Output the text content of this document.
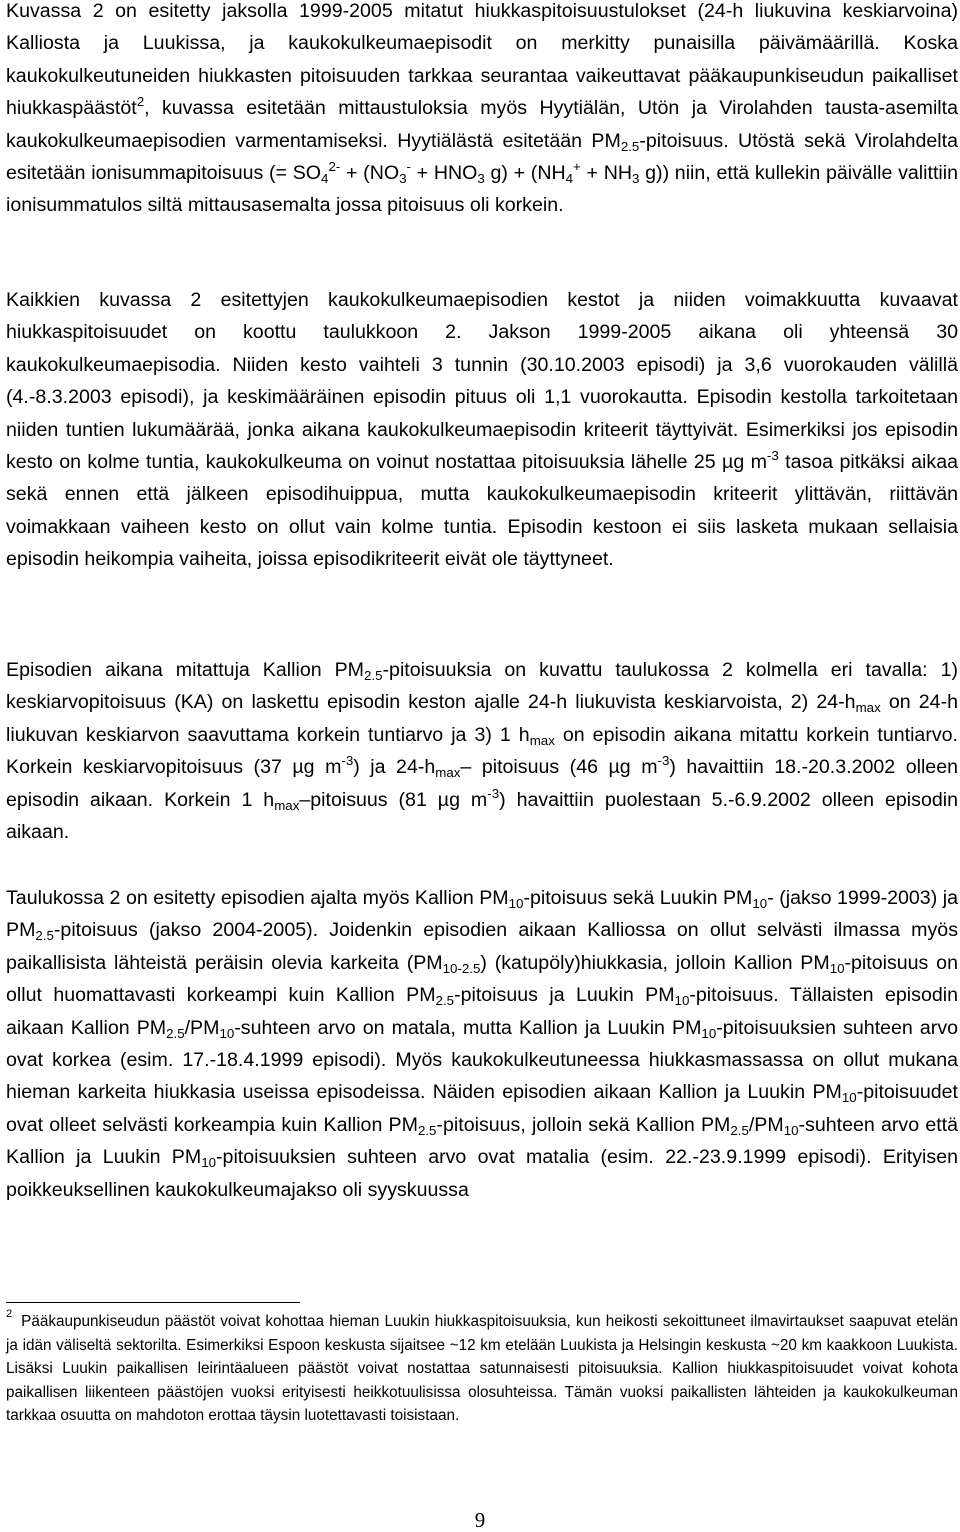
Kuvassa 2 on esitetty jaksolla 1999-2005 mitatut hiukkaspitoisuustulokset (24-h liukuvina keskiarvoina) Kalliosta ja Luukissa, ja kaukokulkeumaepisodit on merkitty punaisilla päivämäärillä. Koska kaukokulkeutuneiden hiukkasten pitoisuuden tarkkaa seurantaa vaikeuttavat pääkaupunkiseudun paikalliset hiukkaspäästöt$^2$, kuvassa esitetään mittaustuloksia myös Hyytiälän, Utön ja Virolahden tausta-asemilta kaukokulkeumaepisodien varmentamiseksi. Hyytiälästä esitetään $PM_{2.5}$-pitoisuus. Utöstä sekä Virolahdelta esitetään ionisummapitoisuus (= $SO_4^{2-} + (NO_3^- + HNO_3$ $g) + (NH_4^+ + NH_3$ g)) niin, että kullekin päivälle valittiin ionisummatulos siltä mittausasemalta jossa pitoisuus oli korkein.

Kaikkien kuvassa 2 esitettyjen kaukokulkeumaepisodien kestot ja niiden voimakkuutta kuvaavat hiukkaspitoisuudet on koottu taulukkoon 2. Jakson 1999-2005 aikana oli yhteensä 30 kaukokulkeumaepisodia. Niiden kesto vaihteli 3 tunnin (30.10.2003 episodi) ja 3,6 vuorokauden välillä (4.-8.3.2003 episodi), ja keskimääräinen episodin pituus oli 1,1 vuorokautta. Episodin kestolla tarkoitetaan niiden tuntien lukumäärää, jonka aikana kaukokulkeumaepisodin kriteerit täyttyivät. Esimerkiksi jos episodin kesto on kolme tuntia, kaukokulkeuma on voinut nostattaa pitoisuuksia lähelle 25 µg $m^{-3}$ tasoa pitkäksi aikaa sekä ennen että jälkeen episodihuippua, mutta kaukokulkeumaepisodin kriteerit ylittävän, riittävän voimakkaan vaiheen kesto on ollut vain kolme tuntia. Episodin kestoon ei siis lasketa mukaan sellaisia episodin heikompia vaiheita, joissa episodikriteerit eivät ole täyttyneet.

Episodien aikana mitattuja Kallion $PM_{2.5}$-pitoisuuksia on kuvattu taulukossa 2 kolmella eri tavalla: 1) keskiarvopitoisuus (KA) on laskettu episodin keston ajalle 24-h liukuvista keskiarvoista, 2) $24-h_{max}$ on 24-h liukuvan keskiarvon saavuttama korkein tuntiarvo ja 3) 1 $h_{max}$ on episodin aikana mitattu korkein tuntiarvo. Korkein keskiarvopitoisuus (37 µg $m^{-3}$) ja $24-h_{max}-$ pitoisuus (46 µg $m^{-3}$) havaittiin 18.-20.3.2002 olleen episodin aikaan. Korkein 1 $h_{max}$–pitoisuus (81 µg $m^{-3}$) havaittiin puolestaan 5.-6.9.2002 olleen episodin aikaan.

Taulukossa 2 on esitetty episodien ajalta myös Kallion $PM_{10}$-pitoisuus sekä Luukin $PM_{10}-$ (jakso 1999-2003) ja $PM_{2.5}$-pitoisuus (jakso 2004-2005). Joidenkin episodien aikaan Kalliossa on ollut selvästi ilmassa myös paikallisista lähteistä peräisin olevia karkeita $(PM_{10-2.5})$ (katupöly)hiukkasia, jolloin Kallion $PM_{10}$-pitoisuus on ollut huomattavasti korkeampi kuin Kallion $PM_{2.5}$-pitoisuus ja Luukin $PM_{10}$-pitoisuus. Tällaisten episodin aikaan Kallion $PM_{2.5}/PM_{10}$-suhteen arvo on matala, mutta Kallion ja Luukin $PM_{10}$-pitoisuuksien suhteen arvo ovat korkea (esim. 17.-18.4.1999 episodi). Myös kaukokulkeutuneessa hiukkasmassassa on ollut mukana hieman karkeita hiukkasia useissa episodeissa. Näiden episodien aikaan Kallion ja Luukin $PM_{10}$-pitoisuudet ovat olleet selvästi korkeampia kuin Kallion $PM_{2.5}$-pitoisuus, jolloin sekä Kallion $PM_{2.5}/PM_{10}$-suhteen arvo että Kallion ja Luukin $PM_{10}$-pitoisuuksien suhteen arvo ovat matalia (esim. 22.-23.9.1999 episodi). Erityisen poikkeuksellinen kaukokulkeumajakso oli syyskuussa

$^2$ Pääkaupunkiseudun päästöt voivat kohottaa hieman Luukin hiukkaspitoisuuksia, kun heikosti sekoittuneet ilmavirtaukset saapuvat etelän ja idän väliseltä sektorilta. Esimerkiksi Espoon keskusta sijaitsee ~12 km etelään Luukista ja Helsingin keskusta ~20 km kaakkoon Luukista. Lisäksi Luukin paikallisen leirintäalueen päästöt voivat nostattaa satunnaisesti pitoisuuksia. Kallion hiukkaspitoisuudet voivat kohota paikallisen liikenteen päästöjen vuoksi erityisesti heikkotuulisissa olosuhteissa. Tämän vuoksi paikallisten lähteiden ja kaukokulkeuman tarkkaa osuutta on mahdoton erottaa täysin luotettavasti toisistaan.

9
